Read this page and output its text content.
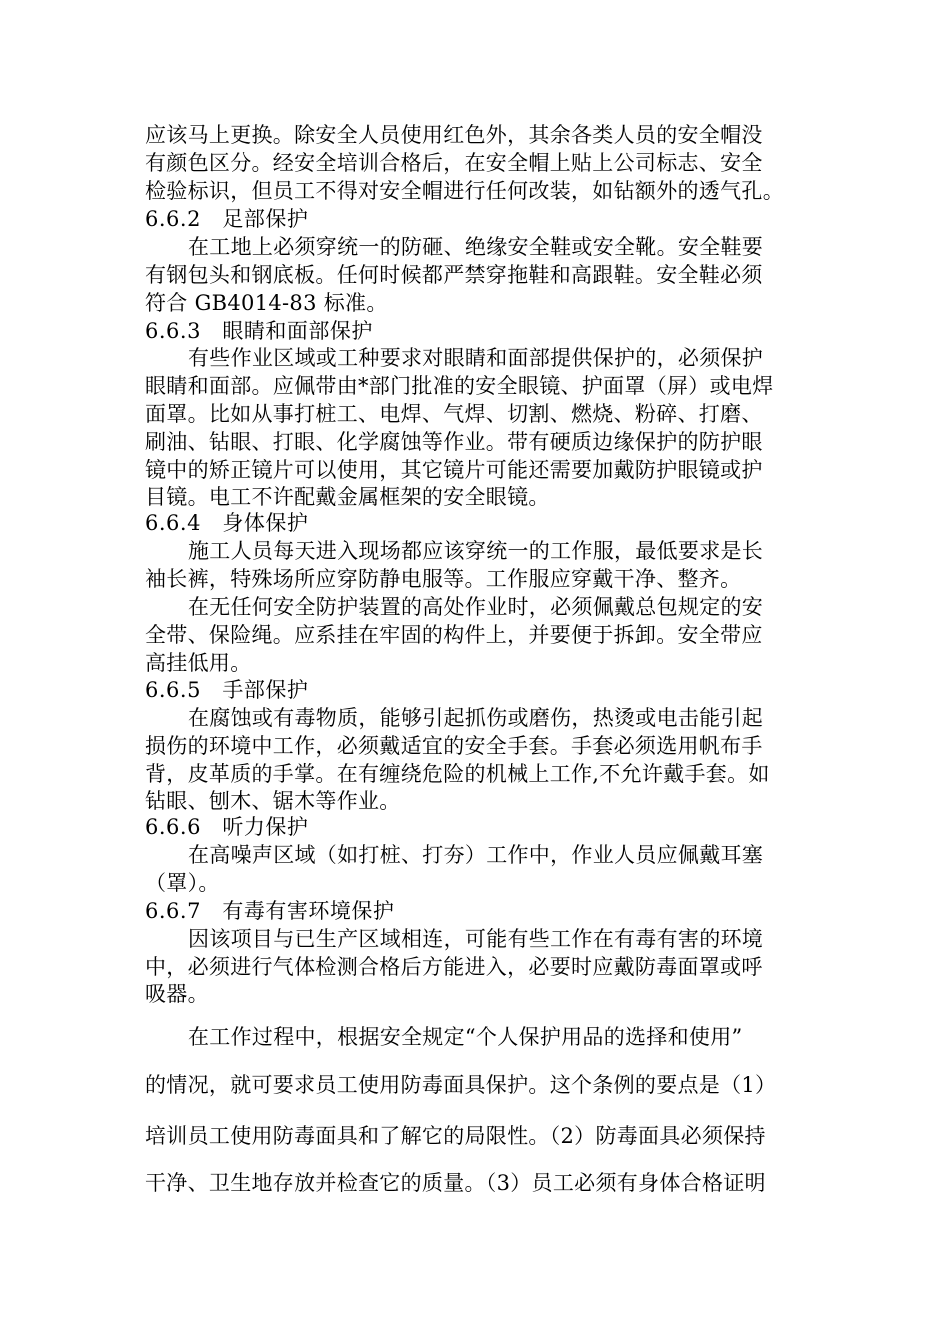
应该马上更换。除安全人员使用红色外，其余各类人员的安全帽没
有颜色区分。经安全培训合格后，在安全帽上贴上公司标志、安全
检验标识，但员工不得对安全帽进行任何改装，如钻额外的透气孔。
6.6.2　足部保护
在工地上必须穿统一的防砸、绝缘安全鞋或安全靴。安全鞋要
有钢包头和钢底板。任何时候都严禁穿拖鞋和高跟鞋。安全鞋必须
符合 GB4014-83 标准。
6.6.3　眼睛和面部保护
有些作业区域或工种要求对眼睛和面部提供保护的，必须保护
眼睛和面部。应佩带由*部门批准的安全眼镜、护面罩（屏）或电焊
面罩。比如从事打桩工、电焊、气焊、切割、燃烧、粉碎、打磨、
刷油、钻眼、打眼、化学腐蚀等作业。带有硬质边缘保护的防护眼
镜中的矫正镜片可以使用，其它镜片可能还需要加戴防护眼镜或护
目镜。电工不许配戴金属框架的安全眼镜。
6.6.4　身体保护
施工人员每天进入现场都应该穿统一的工作服，最低要求是长
袖长裤，特殊场所应穿防静电服等。工作服应穿戴干净、整齐。
在无任何安全防护装置的高处作业时，必须佩戴总包规定的安
全带、保险绳。应系挂在牢固的构件上，并要便于拆卸。安全带应
高挂低用。
6.6.5　手部保护
在腐蚀或有毒物质，能够引起抓伤或磨伤，热烫或电击能引起
损伤的环境中工作，必须戴适宜的安全手套。手套必须选用帆布手
背，皮革质的手掌。在有缠绕危险的机械上工作,不允许戴手套。如
钻眼、刨木、锯木等作业。
6.6.6　听力保护
在高噪声区域（如打桩、打夯）工作中，作业人员应佩戴耳塞
（罩）。
6.6.7　有毒有害环境保护
因该项目与已生产区域相连，可能有些工作在有毒有害的环境
中，必须进行气体检测合格后方能进入，必要时应戴防毒面罩或呼
吸器。
在工作过程中，根据安全规定“个人保护用品的选择和使用”
的情况，就可要求员工使用防毒面具保护。这个条例的要点是（1）
培训员工使用防毒面具和了解它的局限性。（2）防毒面具必须保持
干净、卫生地存放并检查它的质量。（3）员工必须有身体合格证明
